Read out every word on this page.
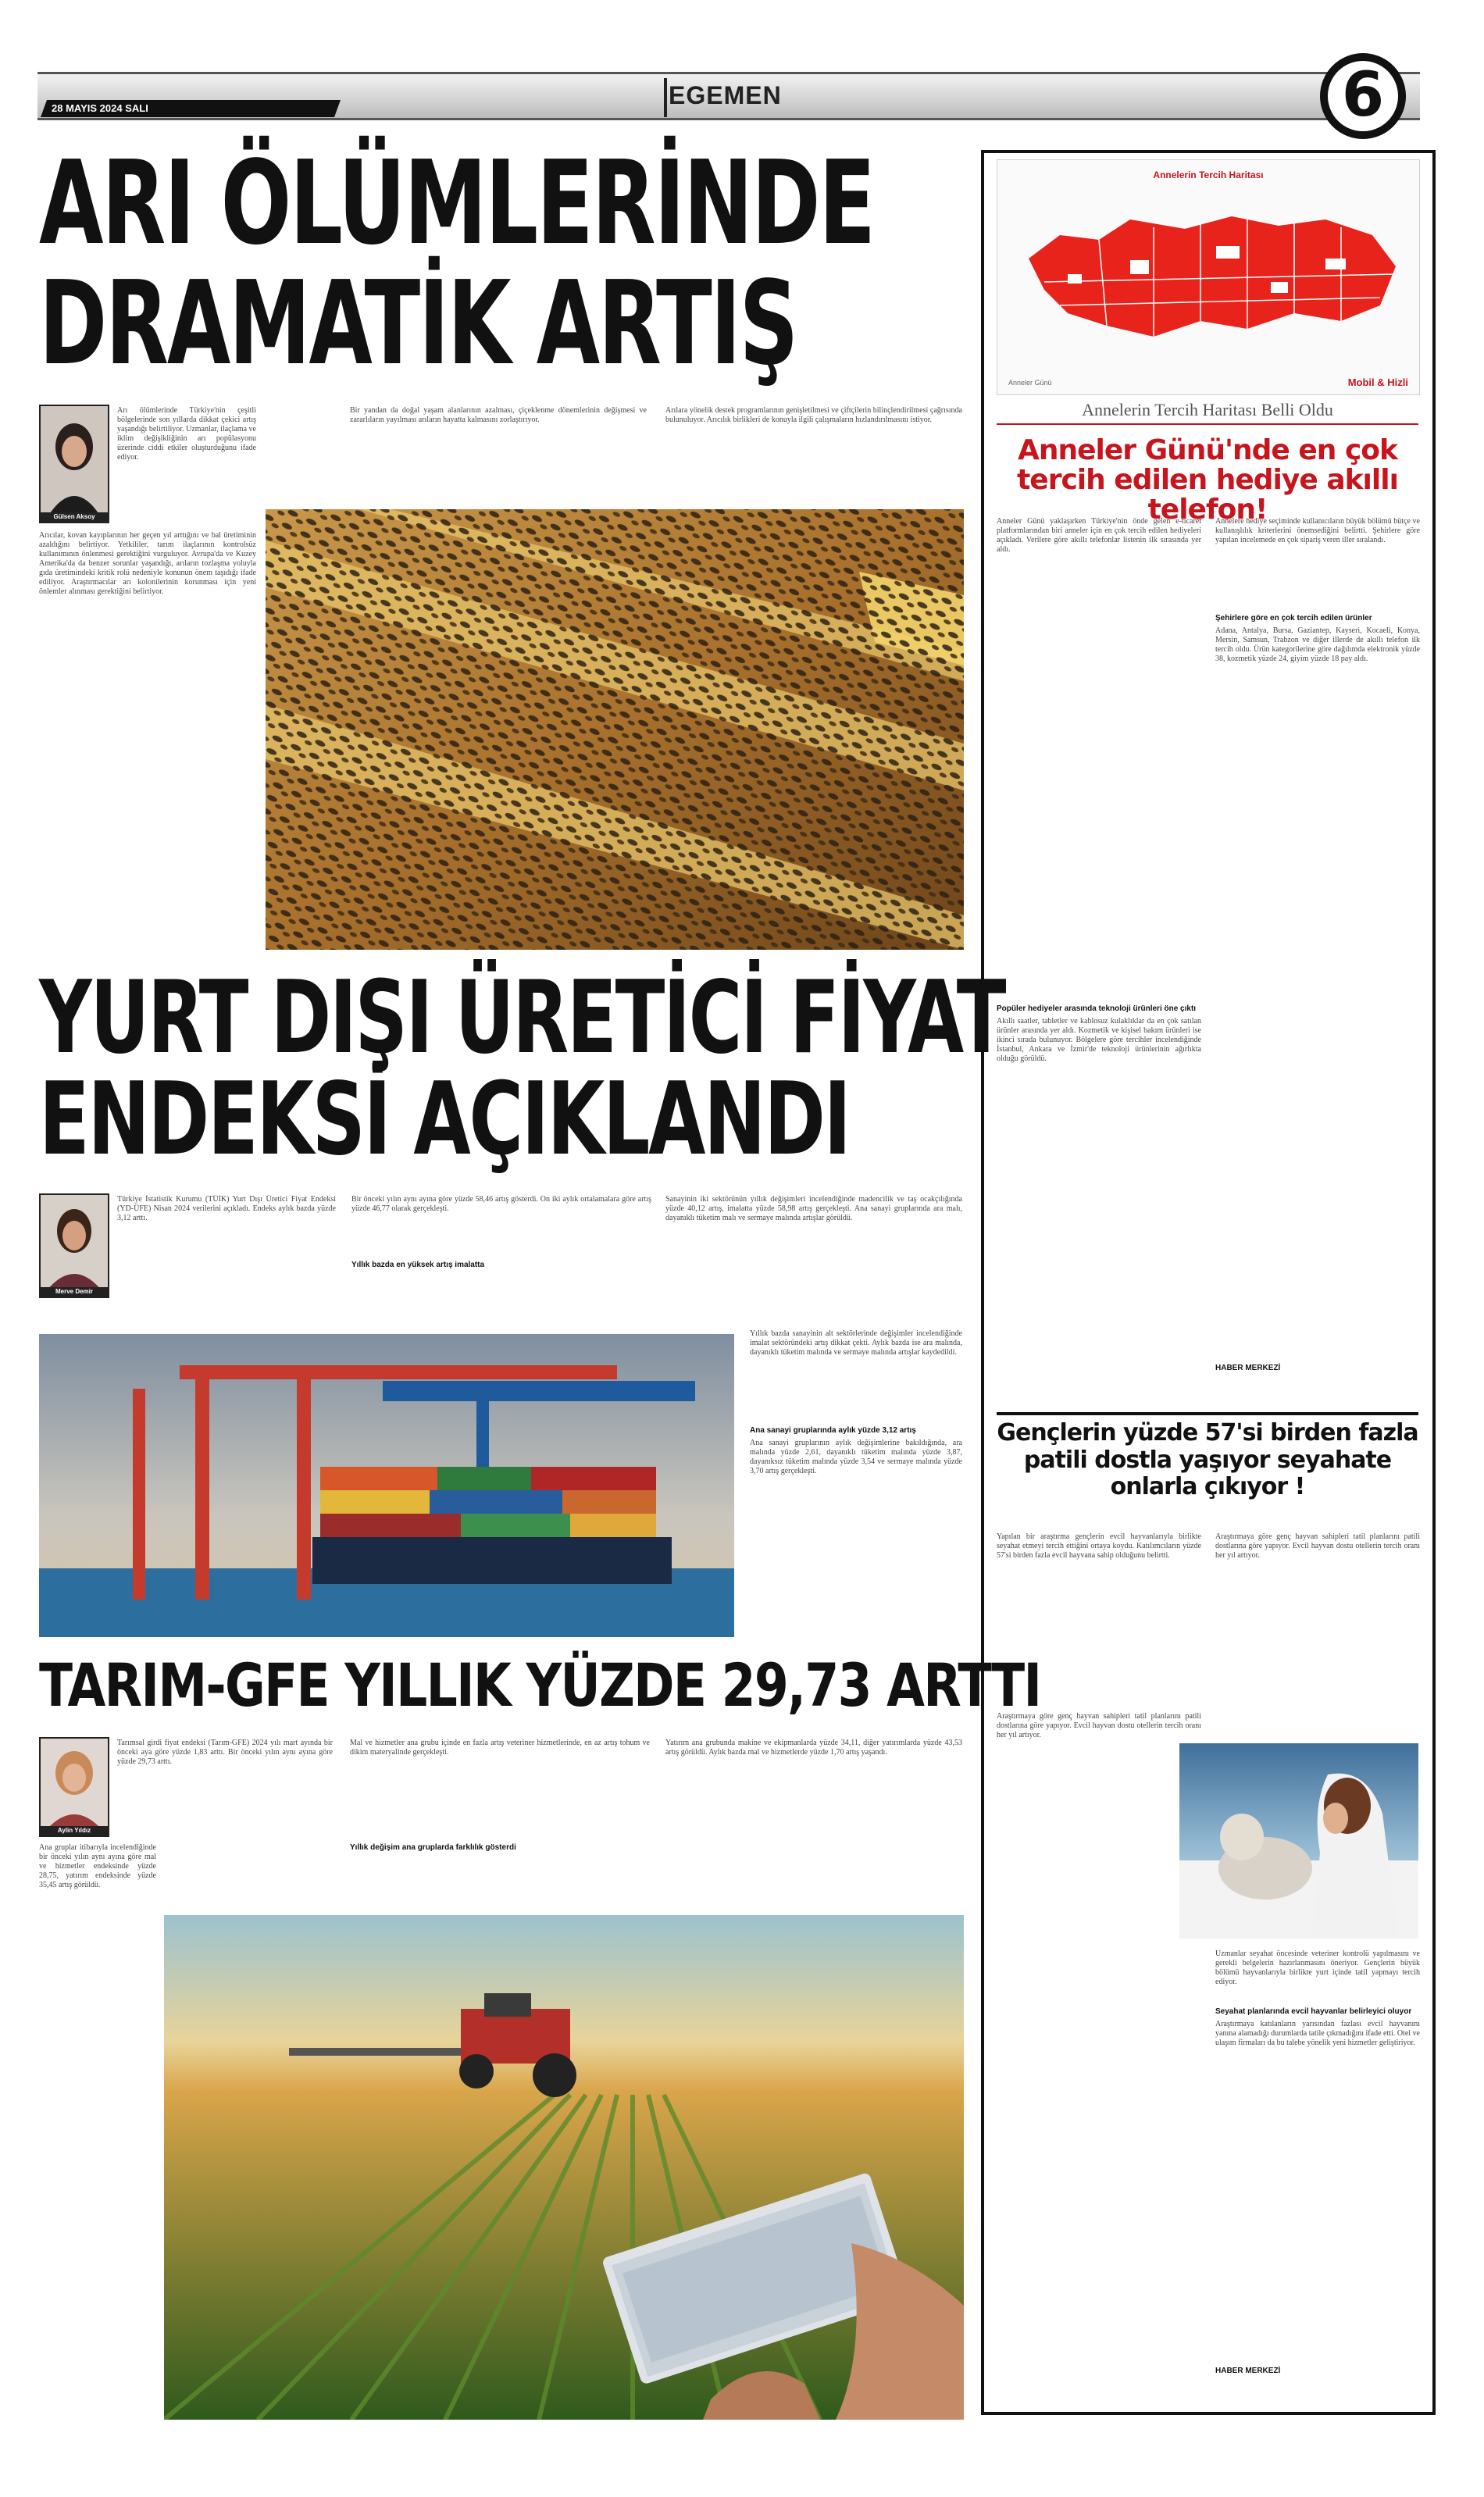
28 MAYIS 2024 SALI	EGEMEN	6
ARI ÖLÜMLERİNDE
DRAMATİK ARTIŞ
Gülsen Aksoy
Arı ölümlerinde Türkiye'nin çeşitli bölgelerinde son yıllarda dikkat çekici artış yaşandığı belirtiliyor. Uzmanlar, ilaçlama ve iklim değişikliğinin arı popülasyonu üzerinde ciddi etkiler oluşturduğunu ifade ediyor.
Arıcılar, kovan kayıplarının her geçen yıl arttığını ve bal üretiminin azaldığını belirtiyor. Yetkililer, tarım ilaçlarının kontrolsüz kullanımının önlenmesi gerektiğini vurguluyor. Avrupa'da ve Kuzey Amerika'da da benzer sorunlar yaşandığı, arıların tozlaşma yoluyla gıda üretimindeki kritik rolü nedeniyle konunun önem taşıdığı ifade ediliyor. Araştırmacılar arı kolonilerinin korunması için yeni önlemler alınması gerektiğini belirtiyor.
Bir yandan da doğal yaşam alanlarının azalması, çiçeklenme dönemlerinin değişmesi ve zararlıların yayılması arıların hayatta kalmasını zorlaştırıyor.
Arılara yönelik destek programlarının genişletilmesi ve çiftçilerin bilinçlendirilmesi çağrısında bulunuluyor. Arıcılık birlikleri de konuyla ilgili çalışmaların hızlandırılmasını istiyor.
YURT DIŞI ÜRETİCİ FİYAT
ENDEKSİ AÇIKLANDI
Merve Demir
Türkiye İstatistik Kurumu (TÜİK) Yurt Dışı Üretici Fiyat Endeksi (YD-ÜFE) Nisan 2024 verilerini açıkladı. Endeks aylık bazda yüzde 3,12 arttı.
Bir önceki yılın aynı ayına göre yüzde 58,46 artış gösterdi. On iki aylık ortalamalara göre artış yüzde 46,77 olarak gerçekleşti.
Yıllık bazda en yüksek artış imalatta
Sanayinin iki sektörünün yıllık değişimleri incelendiğinde madencilik ve taş ocakçılığında yüzde 40,12 artış, imalatta yüzde 58,98 artış gerçekleşti. Ana sanayi gruplarında ara malı, dayanıklı tüketim malı ve sermaye malında artışlar görüldü.
Yıllık bazda sanayinin alt sektörlerinde değişimler incelendiğinde imalat sektöründeki artış dikkat çekti. Aylık bazda ise ara malında, dayanıklı tüketim malında ve sermaye malında artışlar kaydedildi.
Ana sanayi gruplarında aylık yüzde 3,12 artış
Ana sanayi gruplarının aylık değişimlerine bakıldığında, ara malında yüzde 2,61, dayanıklı tüketim malında yüzde 3,87, dayanıksız tüketim malında yüzde 3,54 ve sermaye malında yüzde 3,70 artış gerçekleşti.
TARIM-GFE YILLIK YÜZDE 29,73 ARTTI
Aylin Yıldız
Tarımsal girdi fiyat endeksi (Tarım-GFE) 2024 yılı mart ayında bir önceki aya göre yüzde 1,83 arttı. Bir önceki yılın aynı ayına göre yüzde 29,73 arttı.
Ana gruplar itibarıyla incelendiğinde bir önceki yılın aynı ayına göre mal ve hizmetler endeksinde yüzde 28,75, yatırım endeksinde yüzde 35,45 artış görüldü.
Mal ve hizmetler ana grubu içinde en fazla artış veteriner hizmetlerinde, en az artış tohum ve dikim materyalinde gerçekleşti.
Yıllık değişim ana gruplarda farklılık gösterdi
Yatırım ana grubunda makine ve ekipmanlarda yüzde 34,11, diğer yatırımlarda yüzde 43,53 artış görüldü. Aylık bazda mal ve hizmetlerde yüzde 1,70 artış yaşandı.
Annelerin Tercih Haritası
Anneler Günü	Mobil & Hizli
Annelerin Tercih Haritası Belli Oldu
Anneler Günü'nde en çok tercih edilen hediye akıllı telefon!
Anneler Günü yaklaşırken Türkiye'nin önde gelen e-ticaret platformlarından biri anneler için en çok tercih edilen hediyeleri açıkladı. Verilere göre akıllı telefonlar listenin ilk sırasında yer aldı.
Popüler hediyeler arasında teknoloji ürünleri öne çıktı
Akıllı saatler, tabletler ve kablosuz kulaklıklar da en çok satılan ürünler arasında yer aldı. Kozmetik ve kişisel bakım ürünleri ise ikinci sırada bulunuyor. Bölgelere göre tercihler incelendiğinde İstanbul, Ankara ve İzmir'de teknoloji ürünlerinin ağırlıkta olduğu görüldü.
Annelere hediye seçiminde kullanıcıların büyük bölümü bütçe ve kullanışlılık kriterlerini önemsediğini belirtti. Şehirlere göre yapılan incelemede en çok sipariş veren iller sıralandı.
Şehirlere göre en çok tercih edilen ürünler
Adana, Antalya, Bursa, Gaziantep, Kayseri, Kocaeli, Konya, Mersin, Samsun, Trabzon ve diğer illerde de akıllı telefon ilk tercih oldu. Ürün kategorilerine göre dağılımda elektronik yüzde 38, kozmetik yüzde 24, giyim yüzde 18 pay aldı.
HABER MERKEZİ
Gençlerin yüzde 57'si birden fazla patili dostla yaşıyor seyahate onlarla çıkıyor !
Yapılan bir araştırma gençlerin evcil hayvanlarıyla birlikte seyahat etmeyi tercih ettiğini ortaya koydu. Katılımcıların yüzde 57'si birden fazla evcil hayvana sahip olduğunu belirtti.
Araştırmaya göre genç hayvan sahipleri tatil planlarını patili dostlarına göre yapıyor. Evcil hayvan dostu otellerin tercih oranı her yıl artıyor.
Araştırmaya göre genç hayvan sahipleri tatil planlarını patili dostlarına göre yapıyor. Evcil hayvan dostu otellerin tercih oranı her yıl artıyor.
Uzmanlar seyahat öncesinde veteriner kontrolü yapılmasını ve gerekli belgelerin hazırlanmasını öneriyor. Gençlerin büyük bölümü hayvanlarıyla birlikte yurt içinde tatil yapmayı tercih ediyor.
Seyahat planlarında evcil hayvanlar belirleyici oluyor
Araştırmaya katılanların yarısından fazlası evcil hayvanını yanına alamadığı durumlarda tatile çıkmadığını ifade etti. Otel ve ulaşım firmaları da bu talebe yönelik yeni hizmetler geliştiriyor.
HABER MERKEZİ
